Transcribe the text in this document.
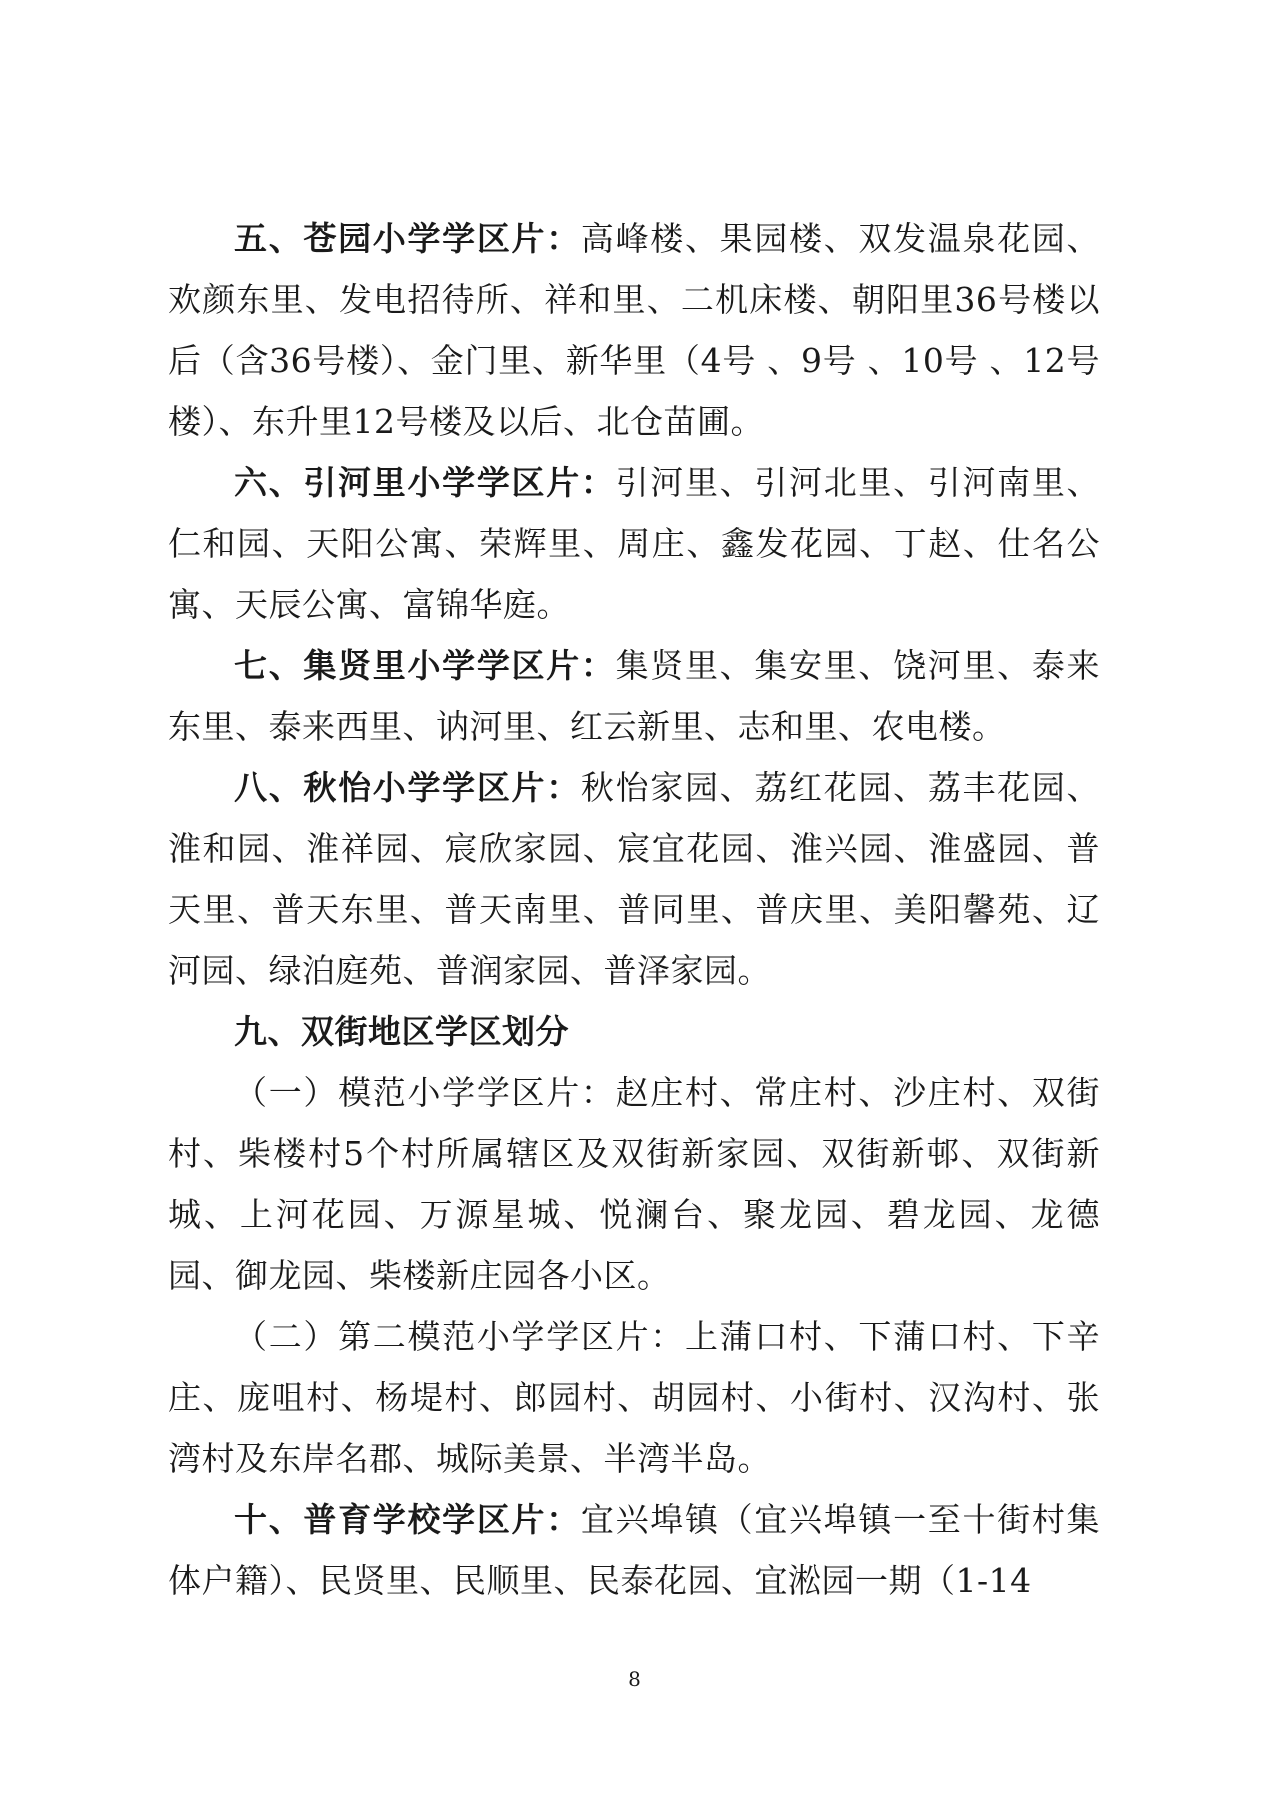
五、苍园小学学区片：高峰楼、果园楼、双发温泉花园、欢颜东里、发电招待所、祥和里、二机床楼、朝阳里36号楼以后（含36号楼）、金门里、新华里（4号 、9号 、10号 、12号楼）、东升里12号楼及以后、北仓苗圃。

六、引河里小学学区片：引河里、引河北里、引河南里、仁和园、天阳公寓、荣辉里、周庄、鑫发花园、丁赵、仕名公寓、天辰公寓、富锦华庭。

七、集贤里小学学区片：集贤里、集安里、饶河里、泰来东里、泰来西里、讷河里、红云新里、志和里、农电楼。

八、秋怡小学学区片：秋怡家园、荔红花园、荔丰花园、淮和园、淮祥园、宸欣家园、宸宜花园、淮兴园、淮盛园、普天里、普天东里、普天南里、普同里、普庆里、美阳馨苑、辽河园、绿泊庭苑、普润家园、普泽家园。

九、双街地区学区划分

（一）模范小学学区片：赵庄村、常庄村、沙庄村、双街村、柴楼村5个村所属辖区及双街新家园、双街新邨、双街新城、上河花园、万源星城、悦澜台、聚龙园、碧龙园、龙德园、御龙园、柴楼新庄园各小区。

（二）第二模范小学学区片：上蒲口村、下蒲口村、下辛庄、庞咀村、杨堤村、郎园村、胡园村、小街村、汉沟村、张湾村及东岸名郡、城际美景、半湾半岛。

十、普育学校学区片：宜兴埠镇（宜兴埠镇一至十街村集体户籍）、民贤里、民顺里、民泰花园、宜淞园一期（1-14

8
